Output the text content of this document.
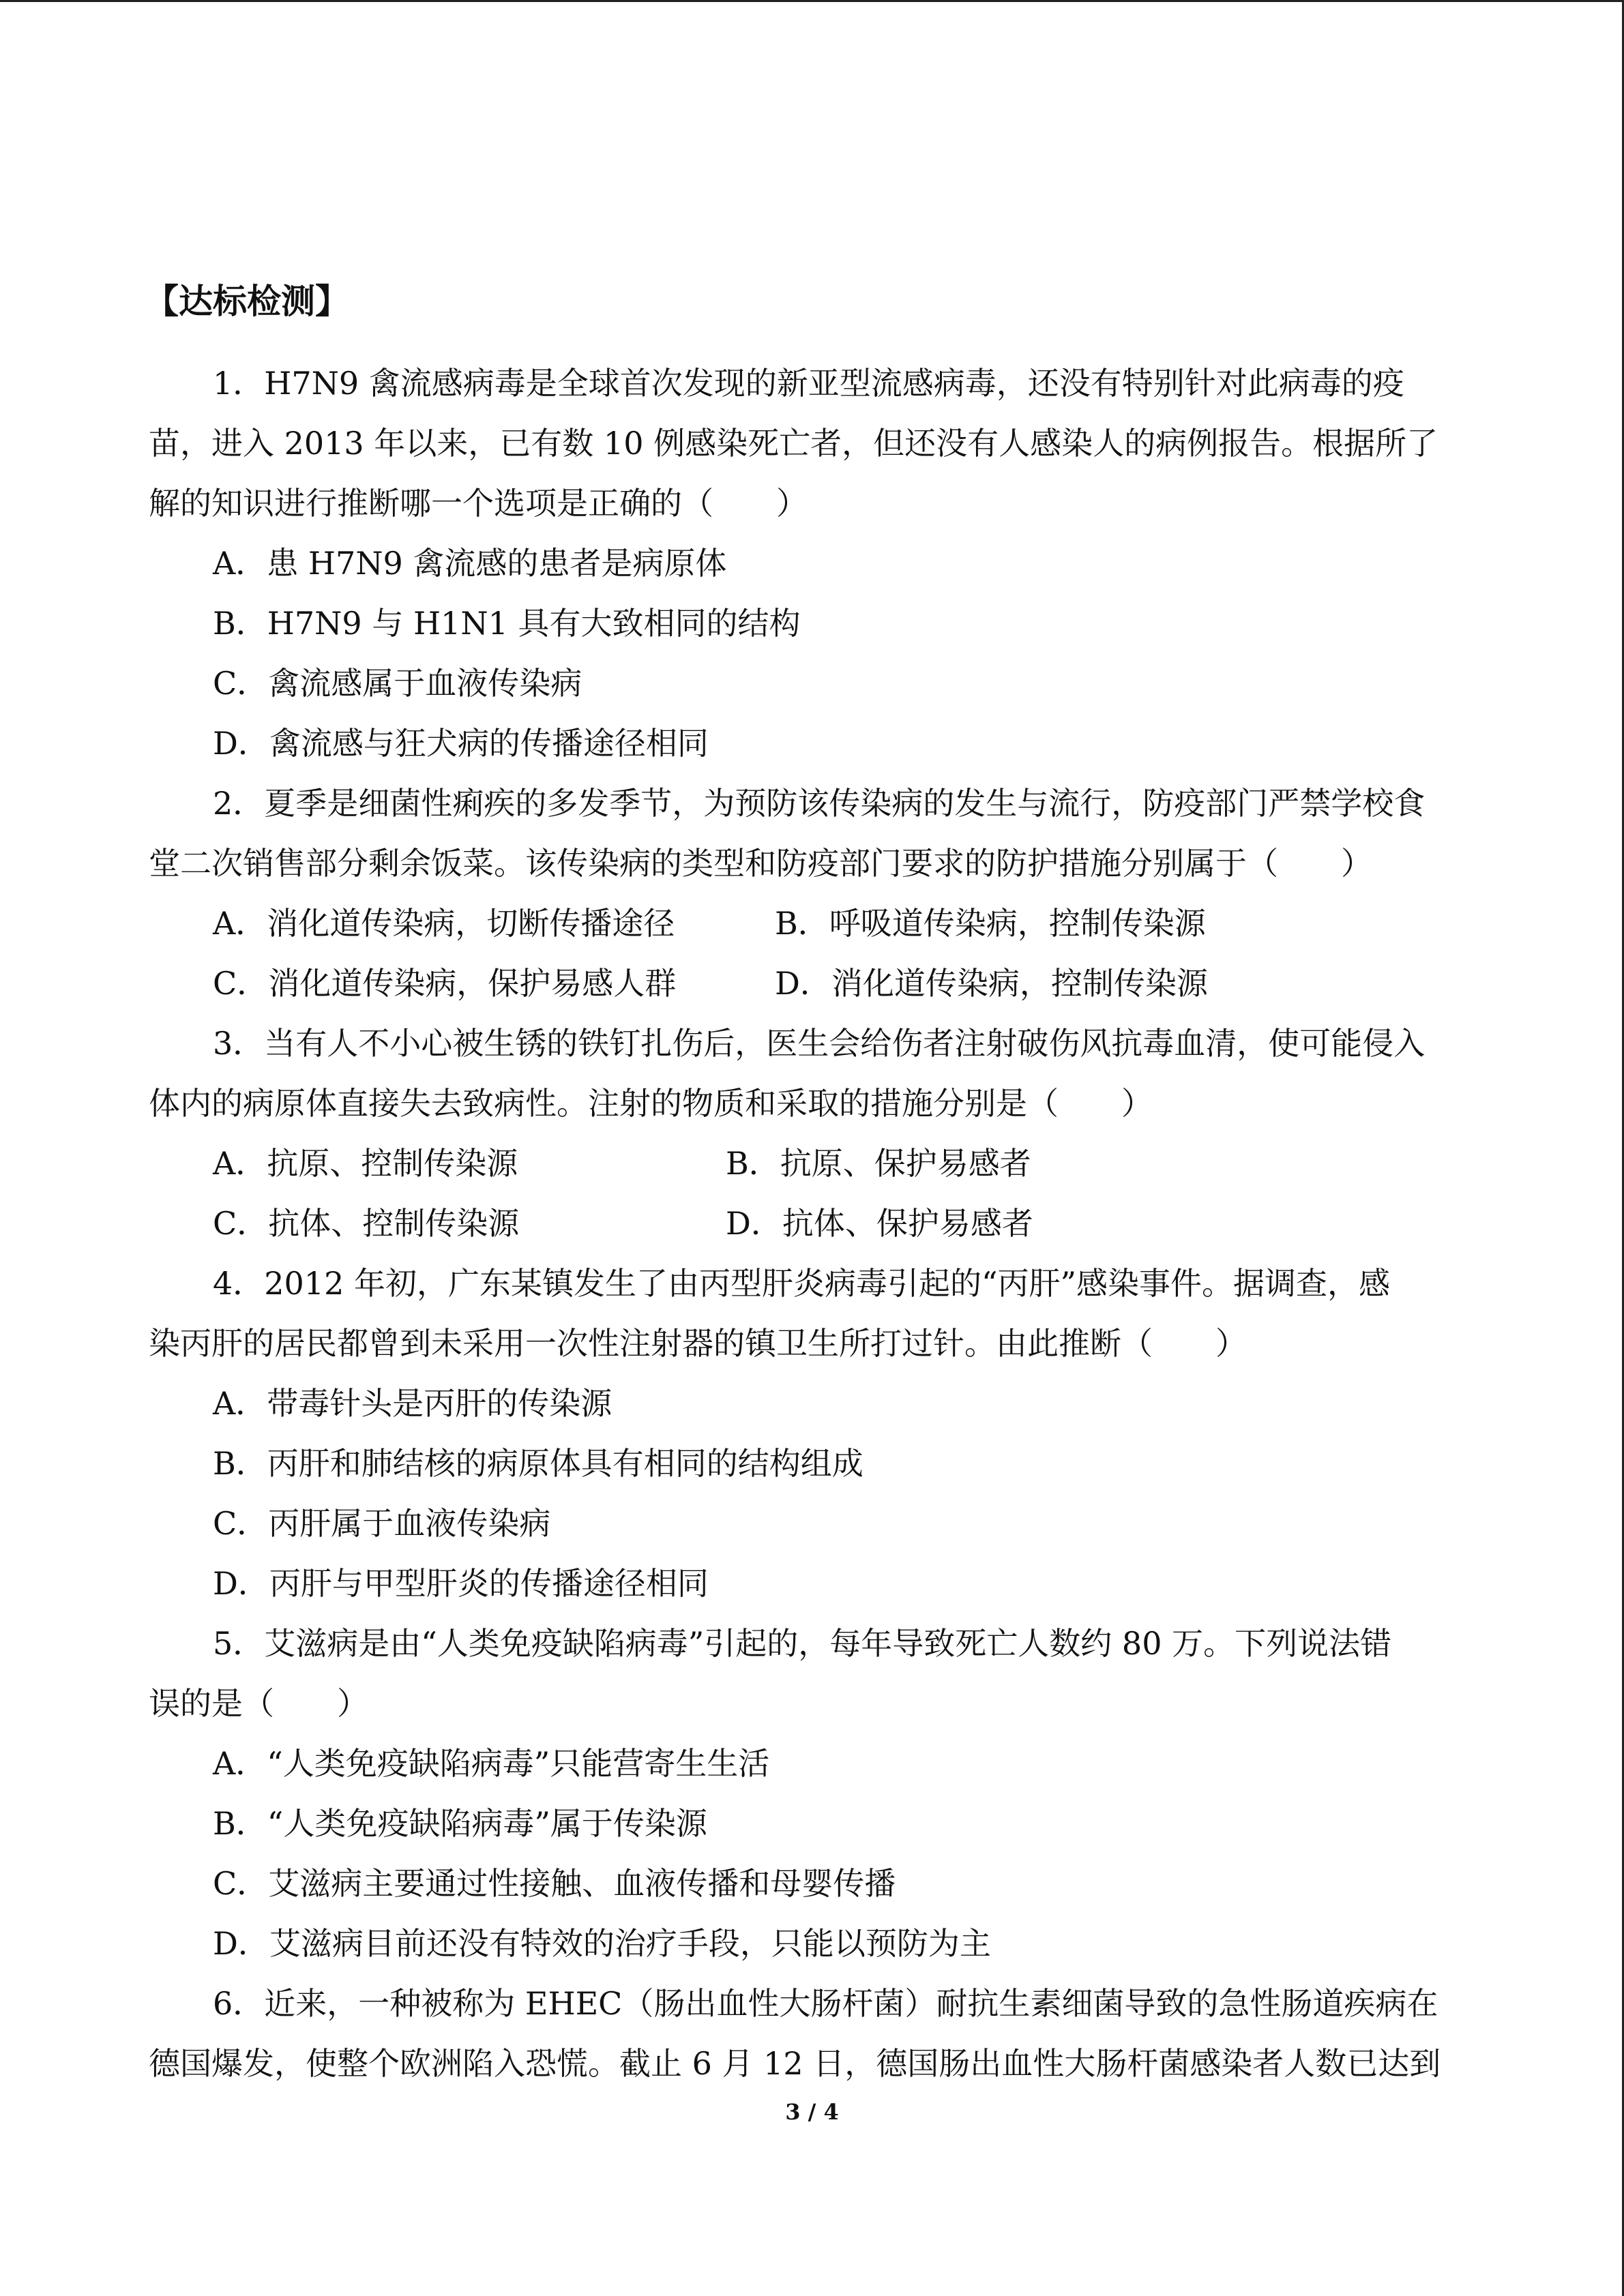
【达标检测】
1．H7N9 禽流感病毒是全球首次发现的新亚型流感病毒，还没有特别针对此病毒的疫
苗，进入 2013 年以来，已有数 10 例感染死亡者，但还没有人感染人的病例报告。根据所了
解的知识进行推断哪一个选项是正确的（　　）
A．患 H7N9 禽流感的患者是病原体
B．H7N9 与 H1N1 具有大致相同的结构
C．禽流感属于血液传染病
D．禽流感与狂犬病的传播途径相同
2．夏季是细菌性痢疾的多发季节，为预防该传染病的发生与流行，防疫部门严禁学校食
堂二次销售部分剩余饭菜。该传染病的类型和防疫部门要求的防护措施分别属于（　　）
A．消化道传染病，切断传播途径	B．呼吸道传染病，控制传染源
C．消化道传染病，保护易感人群	D．消化道传染病，控制传染源
3．当有人不小心被生锈的铁钉扎伤后，医生会给伤者注射破伤风抗毒血清，使可能侵入
体内的病原体直接失去致病性。注射的物质和采取的措施分别是（　　）
A．抗原、控制传染源	B．抗原、保护易感者
C．抗体、控制传染源	D．抗体、保护易感者
4．2012 年初，广东某镇发生了由丙型肝炎病毒引起的“丙肝”感染事件。据调查，感
染丙肝的居民都曾到未采用一次性注射器的镇卫生所打过针。由此推断（　　）
A．带毒针头是丙肝的传染源
B．丙肝和肺结核的病原体具有相同的结构组成
C．丙肝属于血液传染病
D．丙肝与甲型肝炎的传播途径相同
5．艾滋病是由“人类免疫缺陷病毒”引起的，每年导致死亡人数约 80 万。下列说法错
误的是（　　）
A．“人类免疫缺陷病毒”只能营寄生生活
B．“人类免疫缺陷病毒”属于传染源
C．艾滋病主要通过性接触、血液传播和母婴传播
D．艾滋病目前还没有特效的治疗手段，只能以预防为主
6．近来，一种被称为 EHEC（肠出血性大肠杆菌）耐抗生素细菌导致的急性肠道疾病在
德国爆发，使整个欧洲陷入恐慌。截止 6 月 12 日，德国肠出血性大肠杆菌感染者人数已达到
3 / 4
